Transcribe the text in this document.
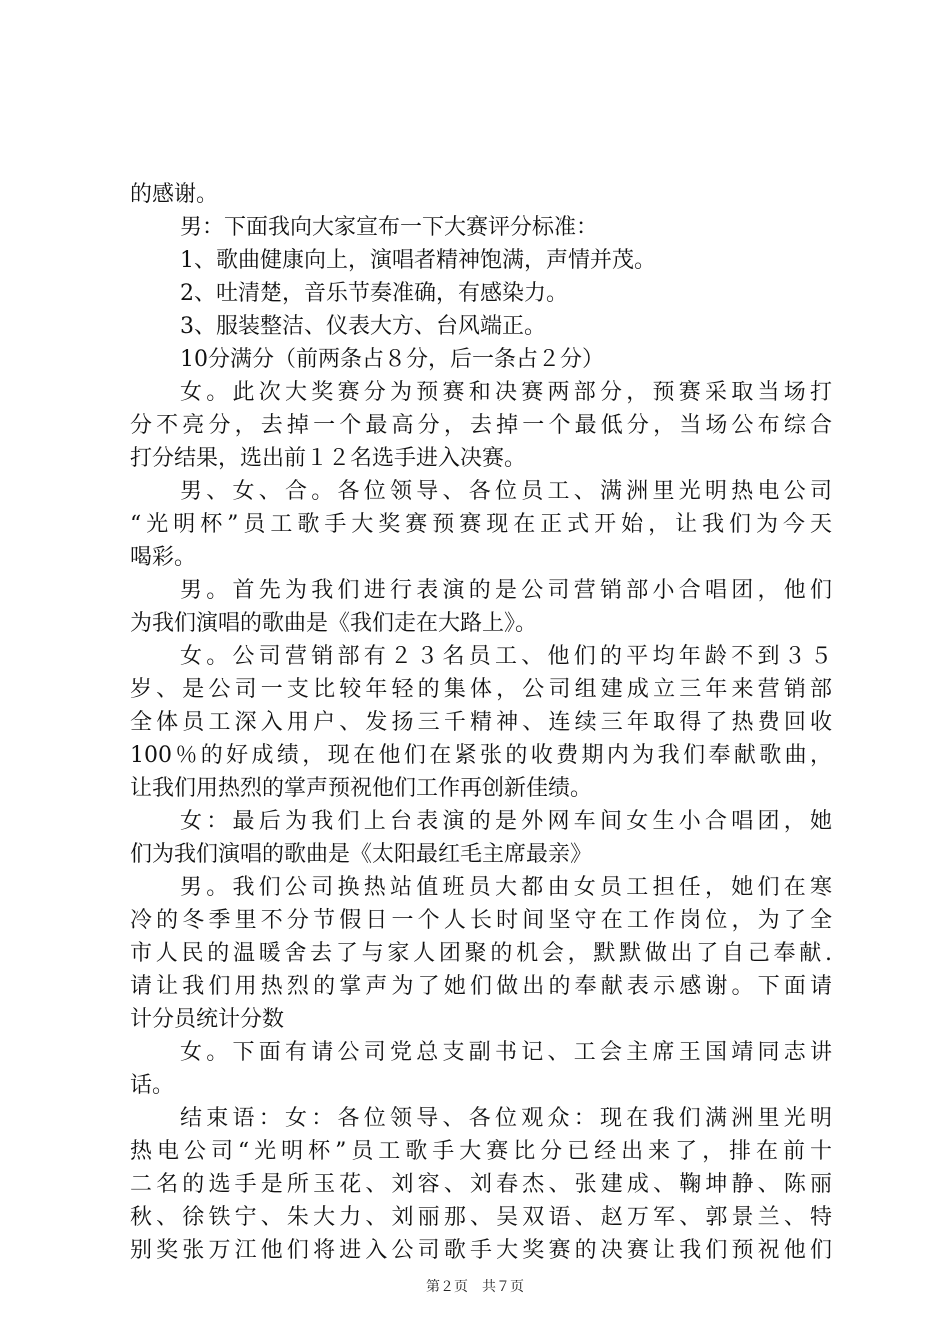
的感谢。
男：下面我向大家宣布一下大赛评分标准：
1、歌曲健康向上，演唱者精神饱满，声情并茂。
2、吐清楚，音乐节奏准确，有感染力。
3、服装整洁、仪表大方、台风端正。
10分满分（前两条占８分，后一条占２分）
女。此次大奖赛分为预赛和决赛两部分，预赛采取当场打
分不亮分，去掉一个最高分，去掉一个最低分，当场公布综合
打分结果，选出前１２名选手进入决赛。
男、女、合。各位领导、各位员工、满洲里光明热电公司
“光明杯”员工歌手大奖赛预赛现在正式开始，让我们为今天
喝彩。
男。首先为我们进行表演的是公司营销部小合唱团，他们
为我们演唱的歌曲是《我们走在大路上》。
女。公司营销部有２３名员工、他们的平均年龄不到３５
岁、是公司一支比较年轻的集体，公司组建成立三年来营销部
全体员工深入用户、发扬三千精神、连续三年取得了热费回收
100％的好成绩，现在他们在紧张的收费期内为我们奉献歌曲，
让我们用热烈的掌声预祝他们工作再创新佳绩。
女：最后为我们上台表演的是外网车间女生小合唱团，她
们为我们演唱的歌曲是《太阳最红毛主席最亲》
男。我们公司换热站值班员大都由女员工担任，她们在寒
冷的冬季里不分节假日一个人长时间坚守在工作岗位，为了全
市人民的温暖舍去了与家人团聚的机会，默默做出了自己奉献.
请让我们用热烈的掌声为了她们做出的奉献表示感谢。下面请
计分员统计分数
女。下面有请公司党总支副书记、工会主席王国靖同志讲
话。
结束语：女：各位领导、各位观众：现在我们满洲里光明
热电公司“光明杯”员工歌手大赛比分已经出来了，排在前十
二名的选手是所玉花、刘容、刘春杰、张建成、鞠坤静、陈丽
秋、徐铁宁、朱大力、刘丽那、吴双语、赵万军、郭景兰、特
别奖张万江他们将进入公司歌手大奖赛的决赛让我们预祝他们
第２页　共７页
